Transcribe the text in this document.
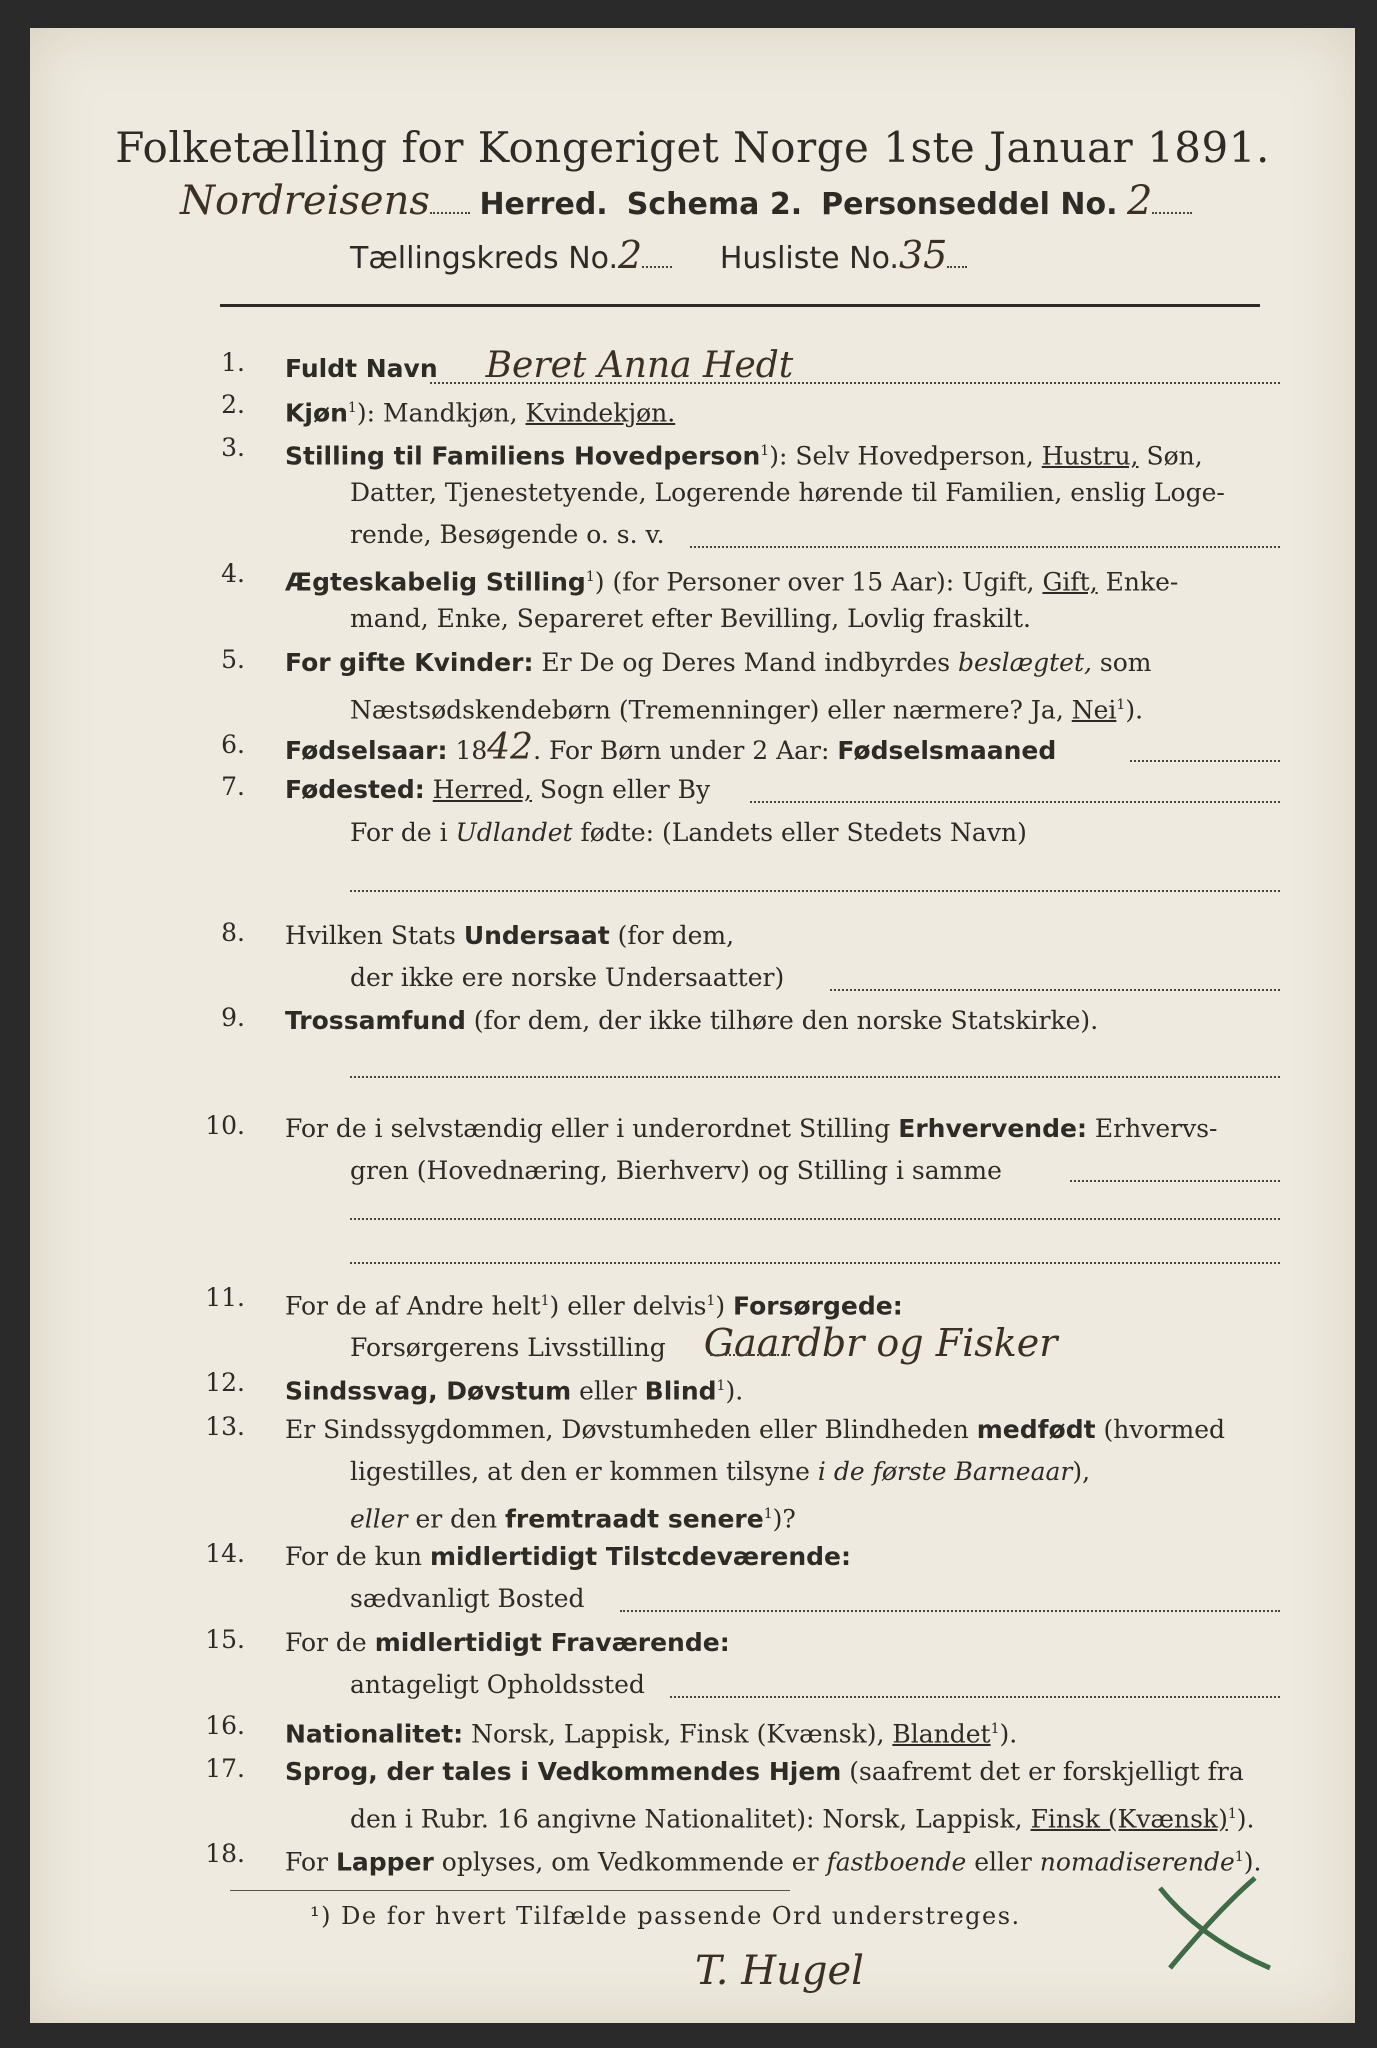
Folketælling for Kongeriget Norge 1ste Januar 1891.
Nordreisens Herred. Schema 2. Personseddel No. 2
Tællingskreds No.2	Husliste No.35
1. Fuldt Navn Beret Anna Hedt
2. Kjøn$^1$): Mandkjøn, Kvindekjøn.
3. Stilling til Familiens Hovedperson$^1$): Selv Hovedperson, Hustru, Søn,
Datter, Tjenestetyende, Logerende hørende til Familien, enslig Loge-
rende, Besøgende o. s. v.
4. Ægteskabelig Stilling$^1$) (for Personer over 15 Aar): Ugift, Gift, Enke-
mand, Enke, Separeret efter Bevilling, Lovlig fraskilt.
5. For gifte Kvinder: Er De og Deres Mand indbyrdes beslægtet, som
Næstsødskendebørn (Tremenninger) eller nærmere? Ja, Nei$^1$).
6. Fødselsaar: 1842. For Børn under 2 Aar: Fødselsmaaned
7. Fødested: Herred, Sogn eller By
For de i Udlandet fødte: (Landets eller Stedets Navn)
8. Hvilken Stats Undersaat (for dem,
der ikke ere norske Undersaatter)
9. Trossamfund (for dem, der ikke tilhøre den norske Statskirke).
10. For de i selvstændig eller i underordnet Stilling Erhvervende: Erhvervs-
gren (Hovednæring, Bierhverv) og Stilling i samme
11. For de af Andre helt$^1$) eller delvis$^1$) Forsørgede:
Forsørgerens Livsstilling Gaardbr og Fisker
12. Sindssvag, Døvstum eller Blind$^1$).
13. Er Sindssygdommen, Døvstumheden eller Blindheden medfødt (hvormed
ligestilles, at den er kommen tilsyne i de første Barneaar),
eller er den fremtraadt senere$^1$)?
14. For de kun midlertidigt Tilstcdeværende:
sædvanligt Bosted
15. For de midlertidigt Fraværende:
antageligt Opholdssted
16. Nationalitet: Norsk, Lappisk, Finsk (Kvænsk), Blandet$^1$).
17. Sprog, der tales i Vedkommendes Hjem (saafremt det er forskjelligt fra
den i Rubr. 16 angivne Nationalitet): Norsk, Lappisk, Finsk (Kvænsk)$^1$).
18. For Lapper oplyses, om Vedkommende er fastboende eller nomadiserende$^1$).
¹) De for hvert Tilfælde passende Ord understreges.
T. Hugel
